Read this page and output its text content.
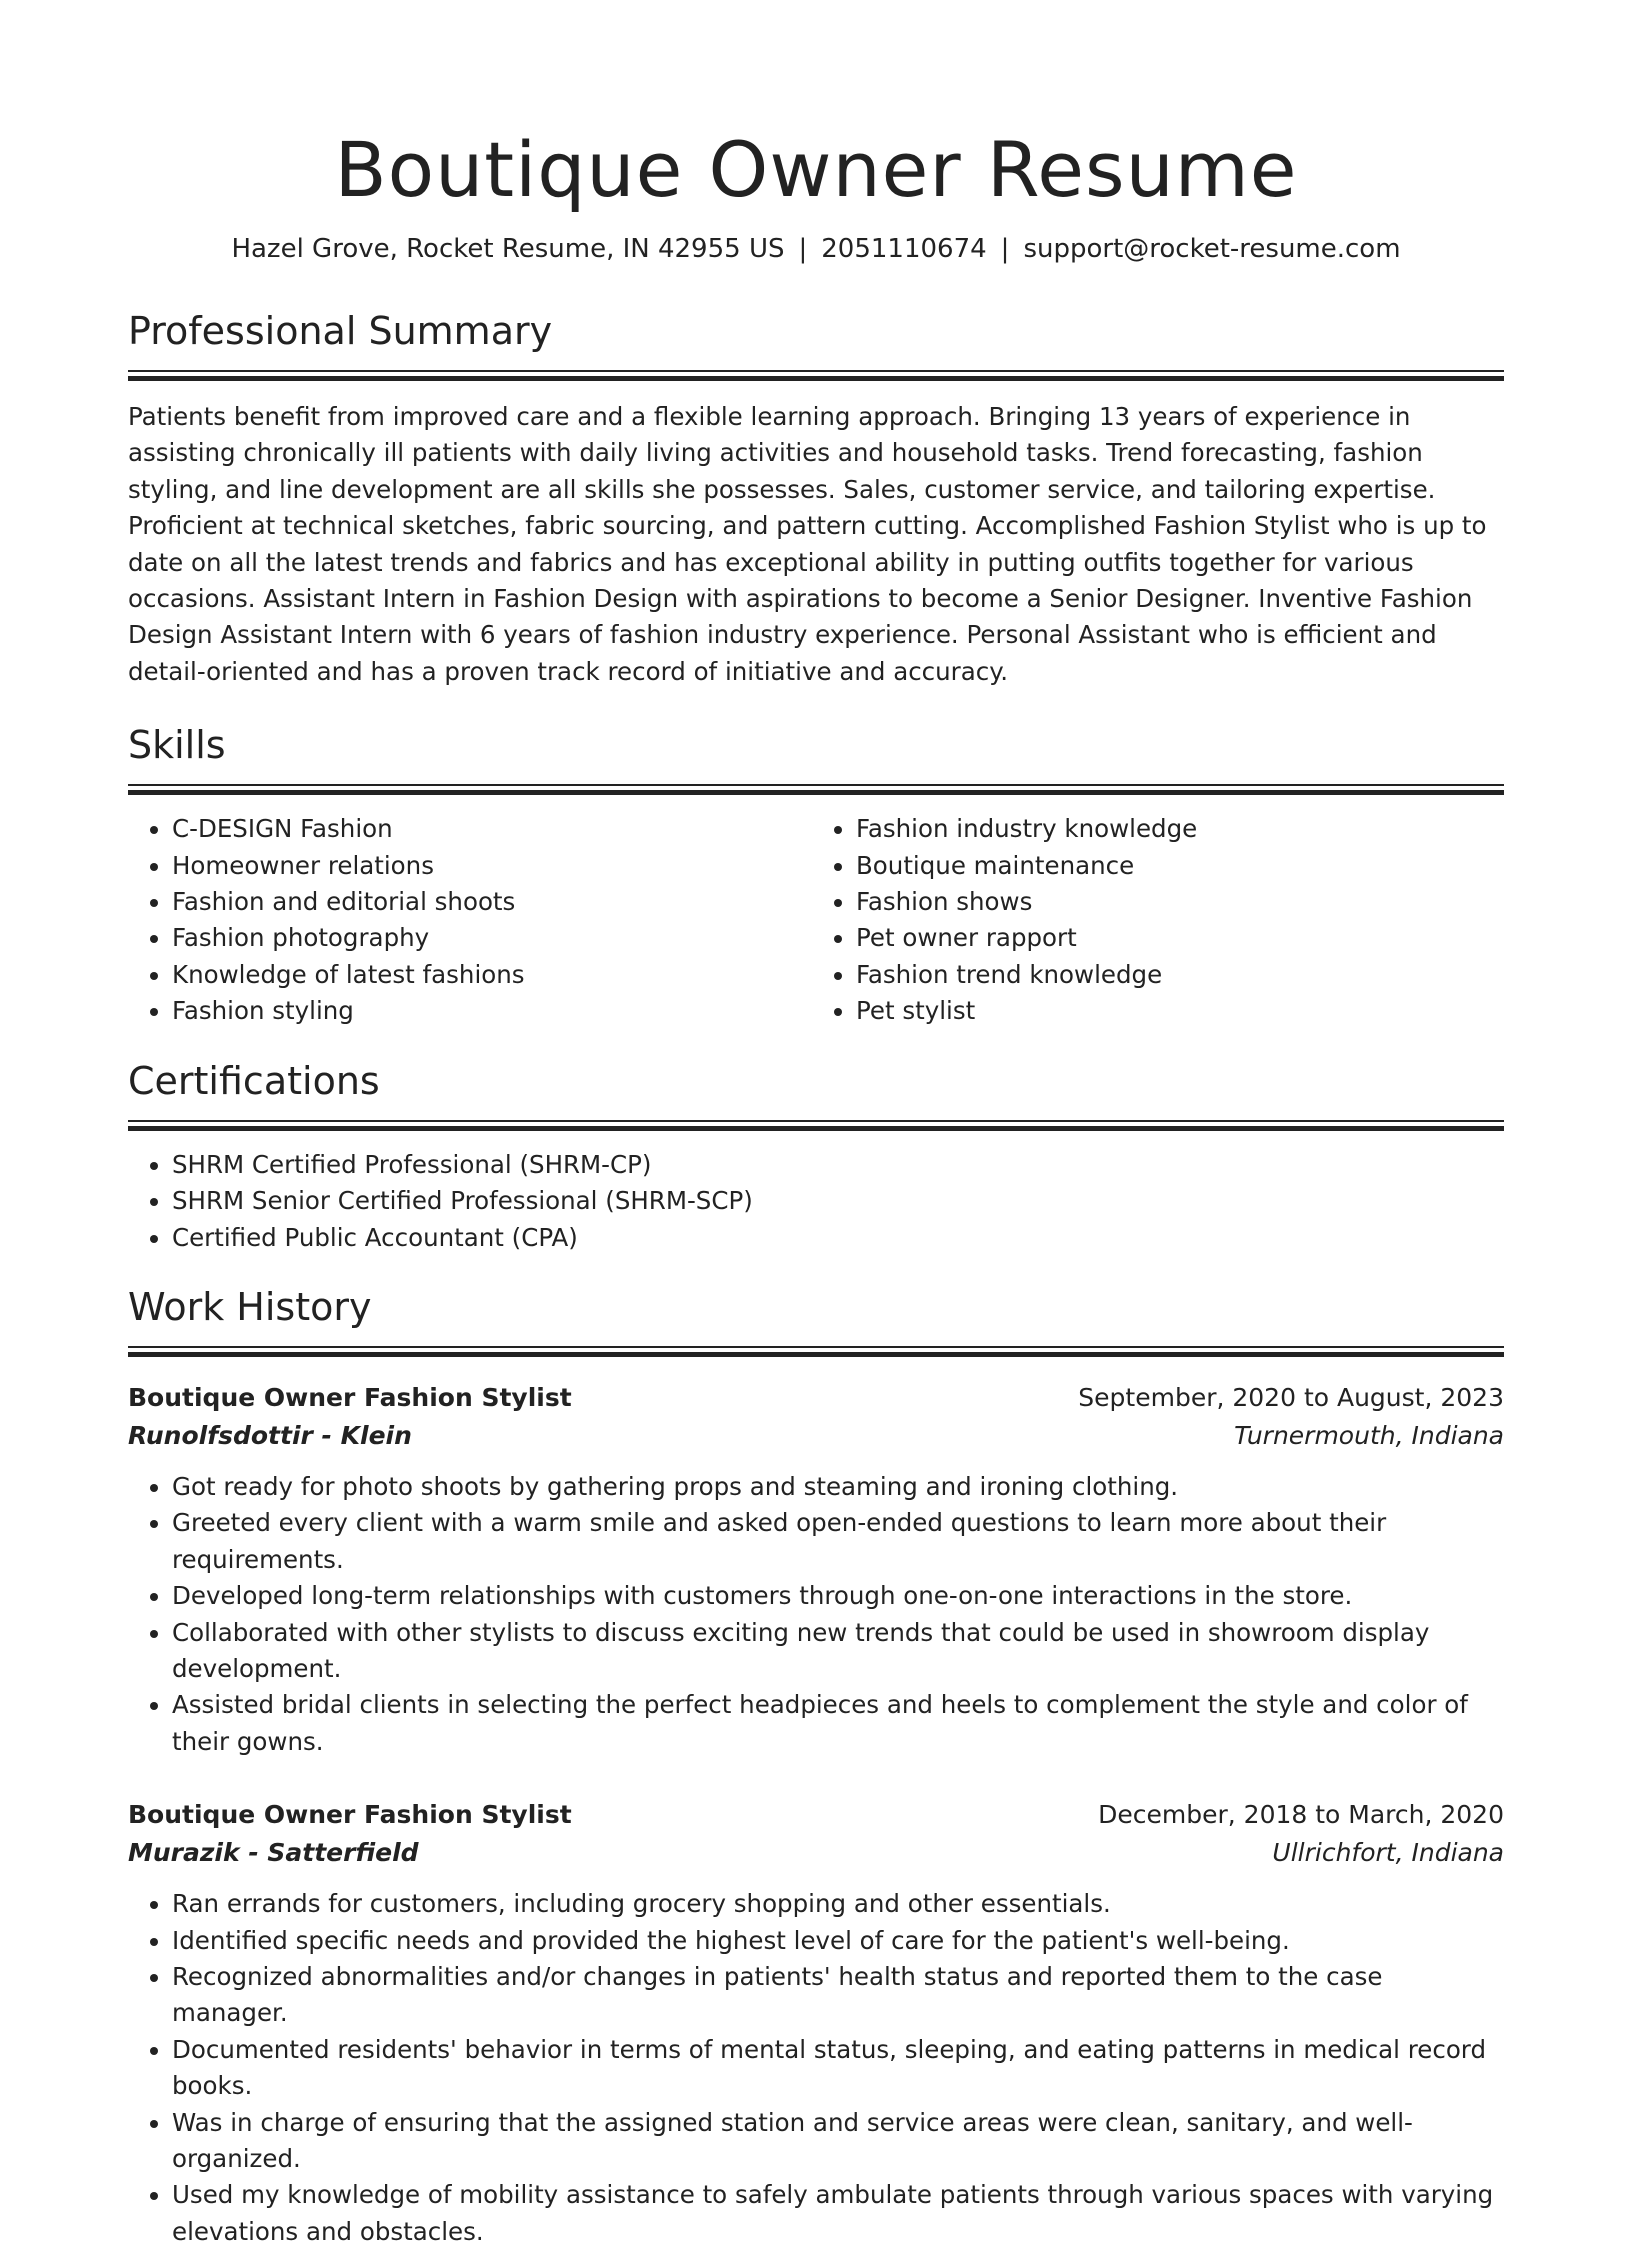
Boutique Owner Resume
Hazel Grove, Rocket Resume, IN 42955 US | 2051110674 | support@rocket-resume.com
Professional Summary

Patients benefit from improved care and a flexible learning approach. Bringing 13 years of experience in assisting chronically ill patients with daily living activities and household tasks. Trend forecasting, fashion styling, and line development are all skills she possesses. Sales, customer service, and tailoring expertise. Proficient at technical sketches, fabric sourcing, and pattern cutting. Accomplished Fashion Stylist who is up to date on all the latest trends and fabrics and has exceptional ability in putting outfits together for various occasions. Assistant Intern in Fashion Design with aspirations to become a Senior Designer. Inventive Fashion Design Assistant Intern with 6 years of fashion industry experience. Personal Assistant who is efficient and detail-oriented and has a proven track record of initiative and accuracy.

Skills
• C-DESIGN Fashion
• Homeowner relations
• Fashion and editorial shoots
• Fashion photography
• Knowledge of latest fashions
• Fashion styling
• Fashion industry knowledge
• Boutique maintenance
• Fashion shows
• Pet owner rapport
• Fashion trend knowledge
• Pet stylist
Certifications
• SHRM Certified Professional (SHRM-CP)
• SHRM Senior Certified Professional (SHRM-SCP)
• Certified Public Accountant (CPA)
Work History
Boutique Owner Fashion Stylist	September, 2020 to August, 2023
Runolfsdottir - Klein	Turnermouth, Indiana
• Got ready for photo shoots by gathering props and steaming and ironing clothing.
• Greeted every client with a warm smile and asked open-ended questions to learn more about their requirements.
• Developed long-term relationships with customers through one-on-one interactions in the store.
• Collaborated with other stylists to discuss exciting new trends that could be used in showroom display development.
• Assisted bridal clients in selecting the perfect headpieces and heels to complement the style and color of their gowns.
Boutique Owner Fashion Stylist	December, 2018 to March, 2020
Murazik - Satterfield	Ullrichfort, Indiana
• Ran errands for customers, including grocery shopping and other essentials.
• Identified specific needs and provided the highest level of care for the patient's well-being.
• Recognized abnormalities and/or changes in patients' health status and reported them to the case manager.
• Documented residents' behavior in terms of mental status, sleeping, and eating patterns in medical record books.
• Was in charge of ensuring that the assigned station and service areas were clean, sanitary, and well-organized.
• Used my knowledge of mobility assistance to safely ambulate patients through various spaces with varying elevations and obstacles.
